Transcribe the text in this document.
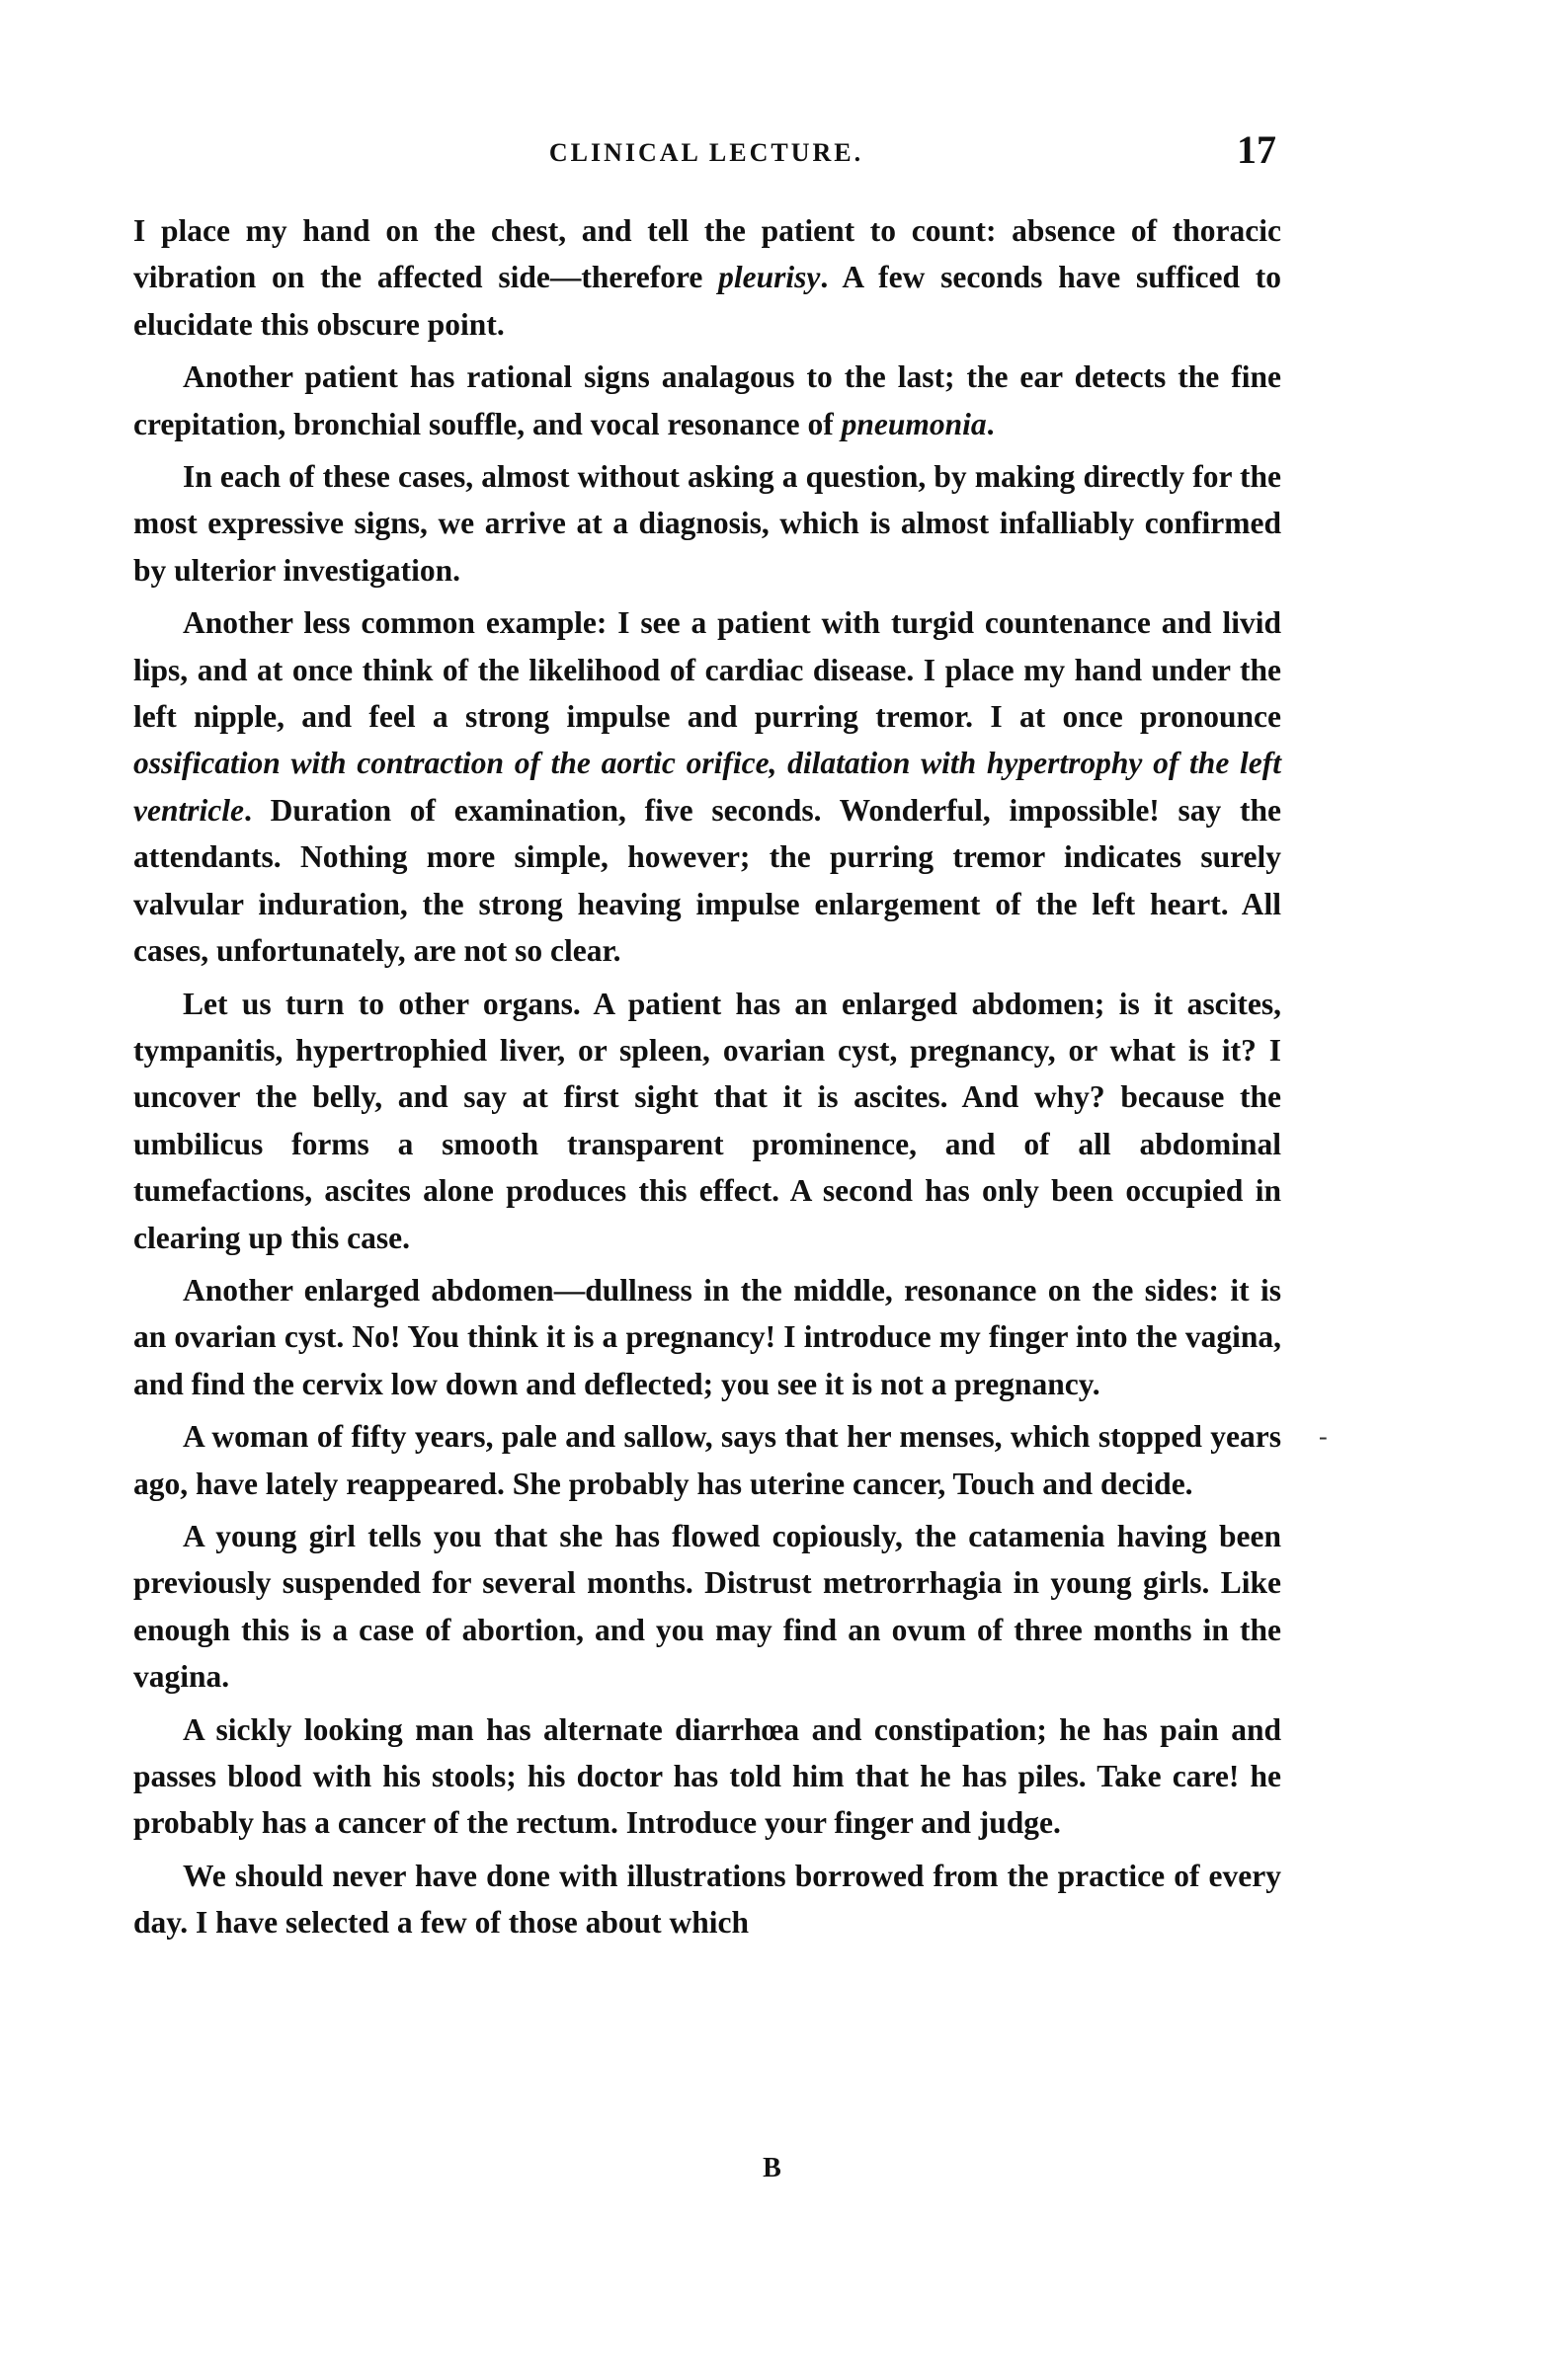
CLINICAL LECTURE.	17

I place my hand on the chest, and tell the patient to count: absence of thoracic vibration on the affected side—therefore pleurisy. A few seconds have sufficed to elucidate this obscure point.

Another patient has rational signs analagous to the last; the ear detects the fine crepitation, bronchial souffle, and vocal resonance of pneumonia.

In each of these cases, almost without asking a question, by making directly for the most expressive signs, we arrive at a diagnosis, which is almost infalliably confirmed by ulterior investigation.

Another less common example: I see a patient with turgid countenance and livid lips, and at once think of the likelihood of cardiac disease. I place my hand under the left nipple, and feel a strong impulse and purring tremor. I at once pronounce ossification with contraction of the aortic orifice, dilatation with hypertrophy of the left ventricle. Duration of examination, five seconds. Wonderful, impossible! say the attendants. Nothing more simple, however; the purring tremor indicates surely valvular induration, the strong heaving impulse enlargement of the left heart. All cases, unfortunately, are not so clear.

Let us turn to other organs. A patient has an enlarged abdomen; is it ascites, tympanitis, hypertrophied liver, or spleen, ovarian cyst, pregnancy, or what is it? I uncover the belly, and say at first sight that it is ascites. And why? because the umbilicus forms a smooth transparent prominence, and of all abdominal tumefactions, ascites alone produces this effect. A second has only been occupied in clearing up this case.

Another enlarged abdomen—dullness in the middle, resonance on the sides: it is an ovarian cyst. No! You think it is a pregnancy! I introduce my finger into the vagina, and find the cervix low down and deflected; you see it is not a pregnancy.

A woman of fifty years, pale and sallow, says that her menses, which stopped years ago, have lately reappeared. She probably has uterine cancer, Touch and decide.

A young girl tells you that she has flowed copiously, the catamenia having been previously suspended for several months. Distrust metrorrhagia in young girls. Like enough this is a case of abortion, and you may find an ovum of three months in the vagina.

A sickly looking man has alternate diarrhœa and constipation; he has pain and passes blood with his stools; his doctor has told him that he has piles. Take care! he probably has a cancer of the rectum. Introduce your finger and judge.

We should never have done with illustrations borrowed from the practice of every day. I have selected a few of those about which

-
B
